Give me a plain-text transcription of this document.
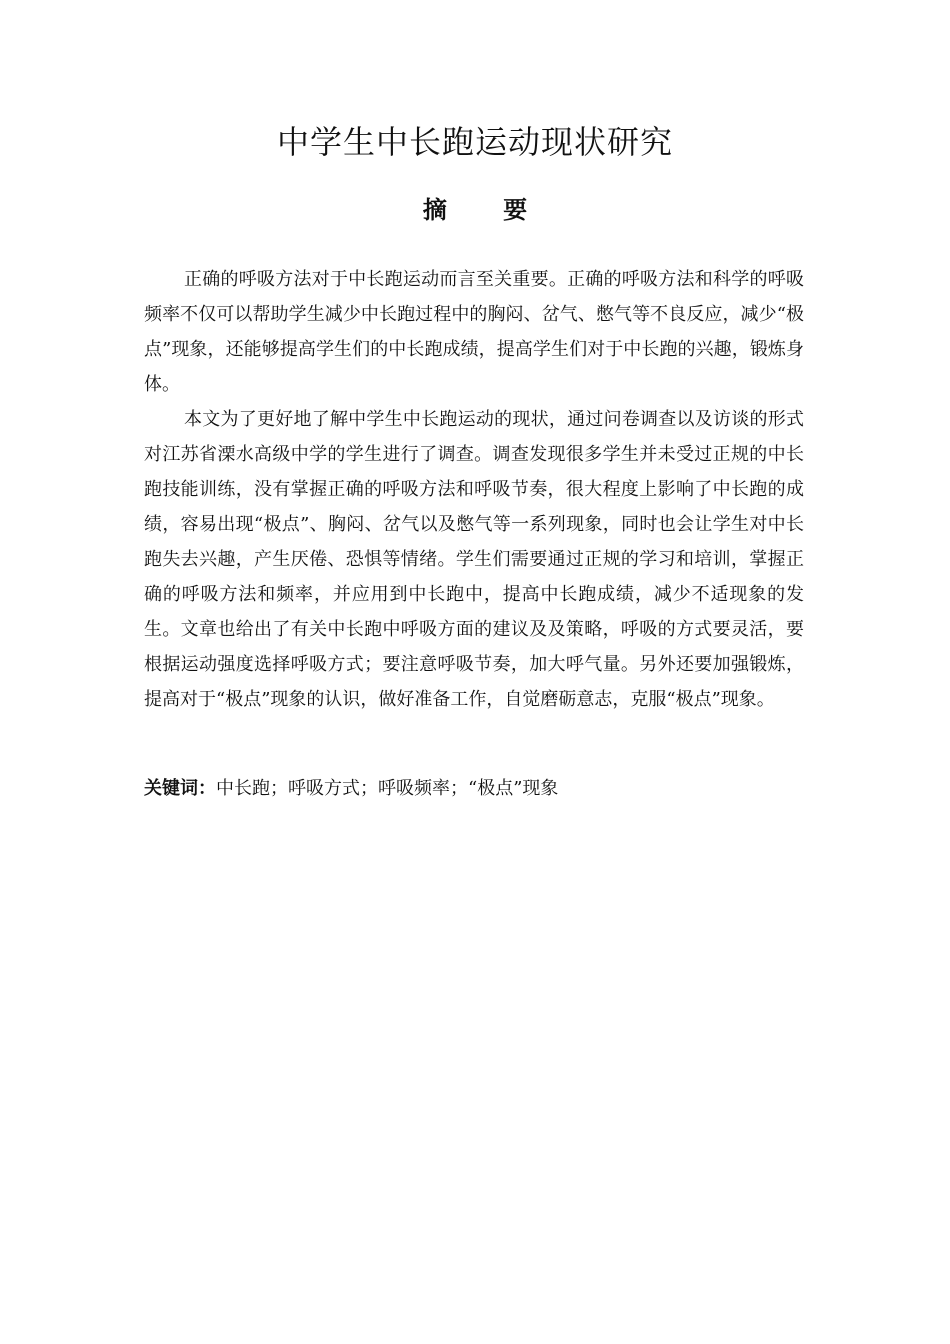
中学生中长跑运动现状研究
摘 要

正确的呼吸方法对于中长跑运动而言至关重要。正确的呼吸方法和科学的呼吸频率不仅可以帮助学生减少中长跑过程中的胸闷、岔气、憋气等不良反应，减少“极点”现象，还能够提高学生们的中长跑成绩，提高学生们对于中长跑的兴趣，锻炼身体。

本文为了更好地了解中学生中长跑运动的现状，通过问卷调查以及访谈的形式对江苏省溧水高级中学的学生进行了调查。调查发现很多学生并未受过正规的中长跑技能训练，没有掌握正确的呼吸方法和呼吸节奏，很大程度上影响了中长跑的成绩，容易出现“极点”、胸闷、岔气以及憋气等一系列现象，同时也会让学生对中长跑失去兴趣，产生厌倦、恐惧等情绪。学生们需要通过正规的学习和培训，掌握正确的呼吸方法和频率，并应用到中长跑中，提高中长跑成绩，减少不适现象的发生。文章也给出了有关中长跑中呼吸方面的建议及及策略，呼吸的方式要灵活，要根据运动强度选择呼吸方式；要注意呼吸节奏，加大呼气量。另外还要加强锻炼，提高对于“极点”现象的认识，做好准备工作，自觉磨砺意志，克服“极点”现象。

关键词：中长跑；呼吸方式；呼吸频率；“极点”现象
